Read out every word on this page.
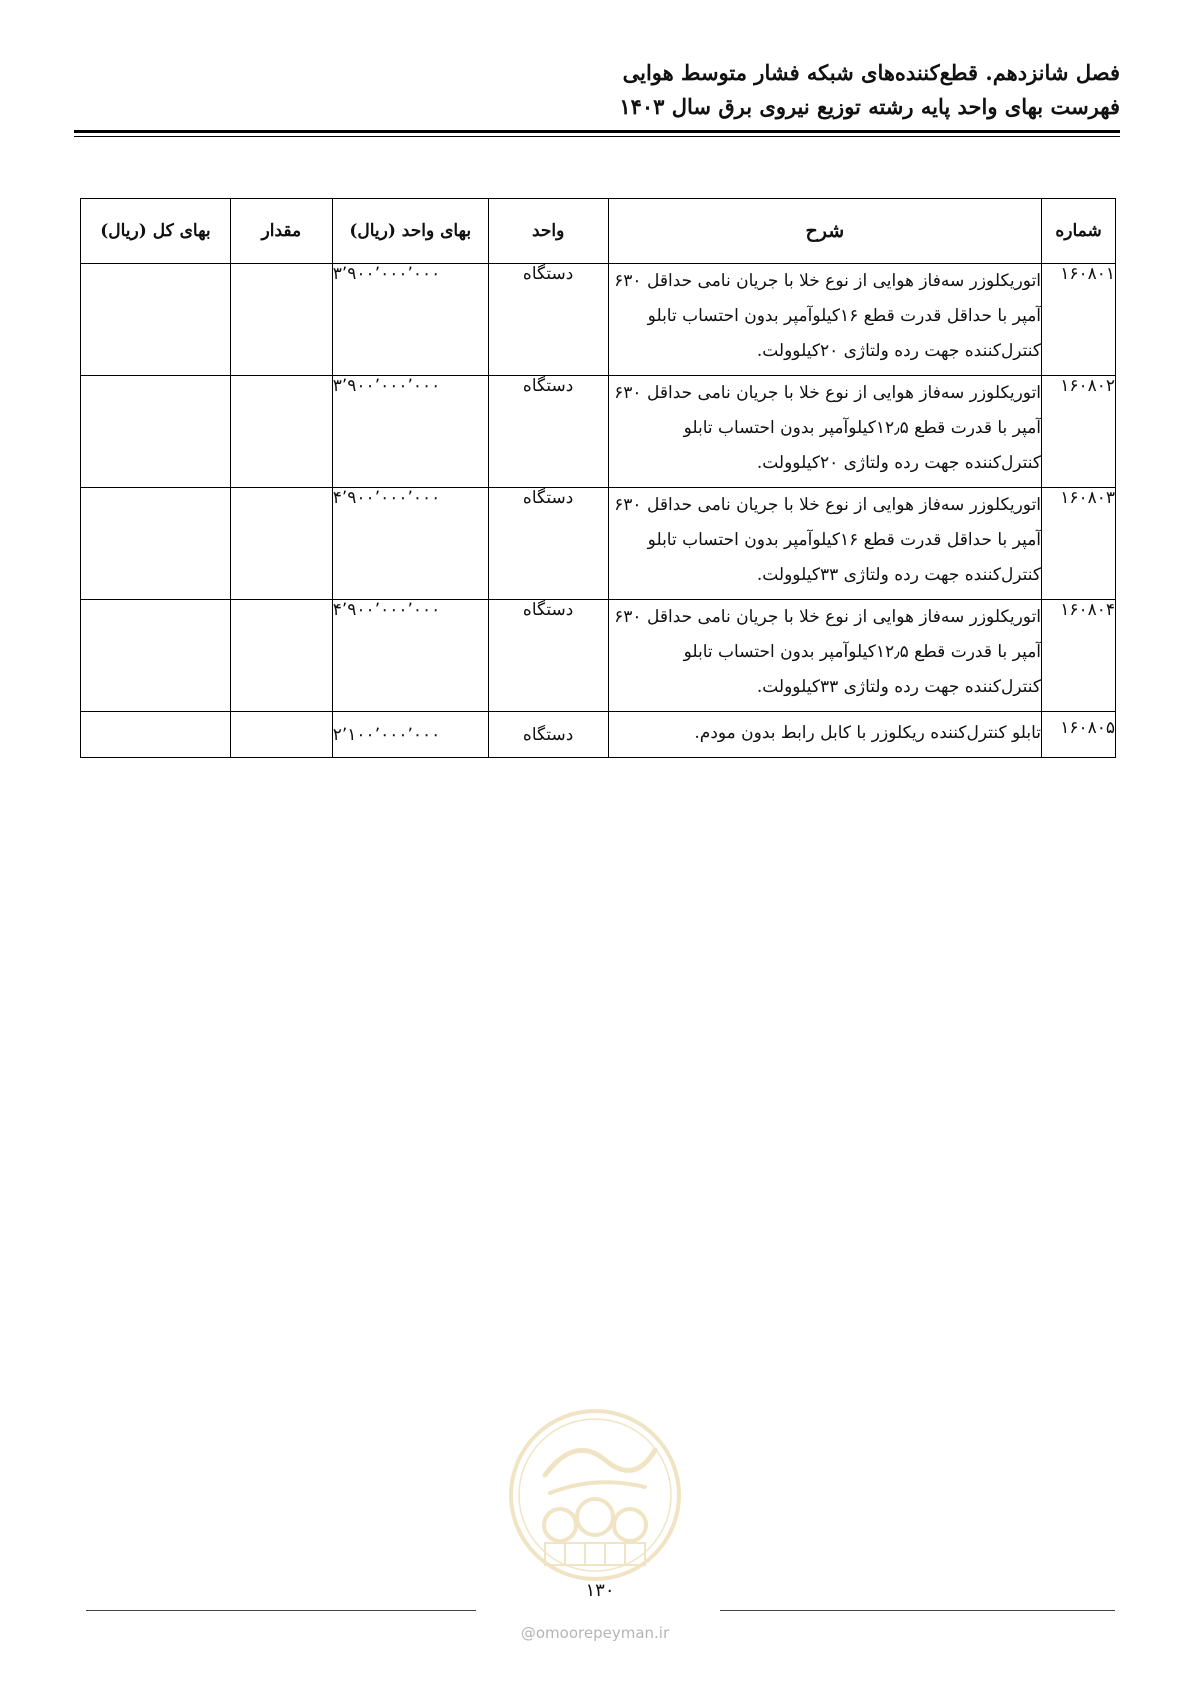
فصل شانزدهم. قطع‌کننده‌های شبکه فشار متوسط هوایی
فهرست بهای واحد پایه رشته توزیع نیروی برق سال ۱۴۰۳
شماره	شرح	واحد	بهای واحد (ریال)	مقدار	بهای کل (ریال)
۱۶۰۸۰۱	اتوریکلوزر سه‌فاز هوایی از نوع خلا با جریان نامی حداقل ۶۳۰ آمپر با حداقل قدرت قطع ۱۶کیلوآمپر بدون احتساب تابلو کنترل‌کننده جهت رده ولتاژی ۲۰کیلوولت.	دستگاه	۳٬۹۰۰٬۰۰۰٬۰۰۰		
۱۶۰۸۰۲	اتوریکلوزر سه‌فاز هوایی از نوع خلا با جریان نامی حداقل ۶۳۰ آمپر با قدرت قطع ۱۲٫۵کیلوآمپر بدون احتساب تابلو کنترل‌کننده جهت رده ولتاژی ۲۰کیلوولت.	دستگاه	۳٬۹۰۰٬۰۰۰٬۰۰۰		
۱۶۰۸۰۳	اتوریکلوزر سه‌فاز هوایی از نوع خلا با جریان نامی حداقل ۶۳۰ آمپر با حداقل قدرت قطع ۱۶کیلوآمپر بدون احتساب تابلو کنترل‌کننده جهت رده ولتاژی ۳۳کیلوولت.	دستگاه	۴٬۹۰۰٬۰۰۰٬۰۰۰		
۱۶۰۸۰۴	اتوریکلوزر سه‌فاز هوایی از نوع خلا با جریان نامی حداقل ۶۳۰ آمپر با قدرت قطع ۱۲٫۵کیلوآمپر بدون احتساب تابلو کنترل‌کننده جهت رده ولتاژی ۳۳کیلوولت.	دستگاه	۴٬۹۰۰٬۰۰۰٬۰۰۰		
۱۶۰۸۰۵	تابلو کنترل‌کننده ریکلوزر با کابل رابط بدون مودم.	دستگاه	۲٬۱۰۰٬۰۰۰٬۰۰۰		
۱۳۰
@omoorepeyman.ir
